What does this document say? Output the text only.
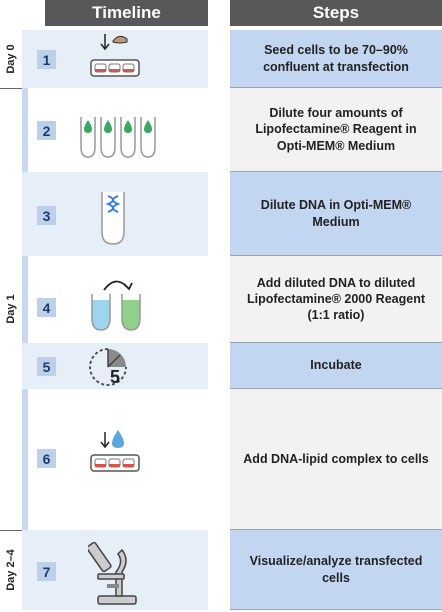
Timeline	Steps
Day 0
Day 1
Day 2–4
1
2
3
4
5
6
7
5
Seed cells to be 70–90% confluent at transfection
Dilute four amounts of Lipofectamine® Reagent in Opti-MEM® Medium
Dilute DNA in Opti-MEM® Medium
Add diluted DNA to diluted Lipofectamine® 2000 Reagent (1:1 ratio)
Incubate
Add DNA-lipid complex to cells
Visualize/analyze transfected cells
